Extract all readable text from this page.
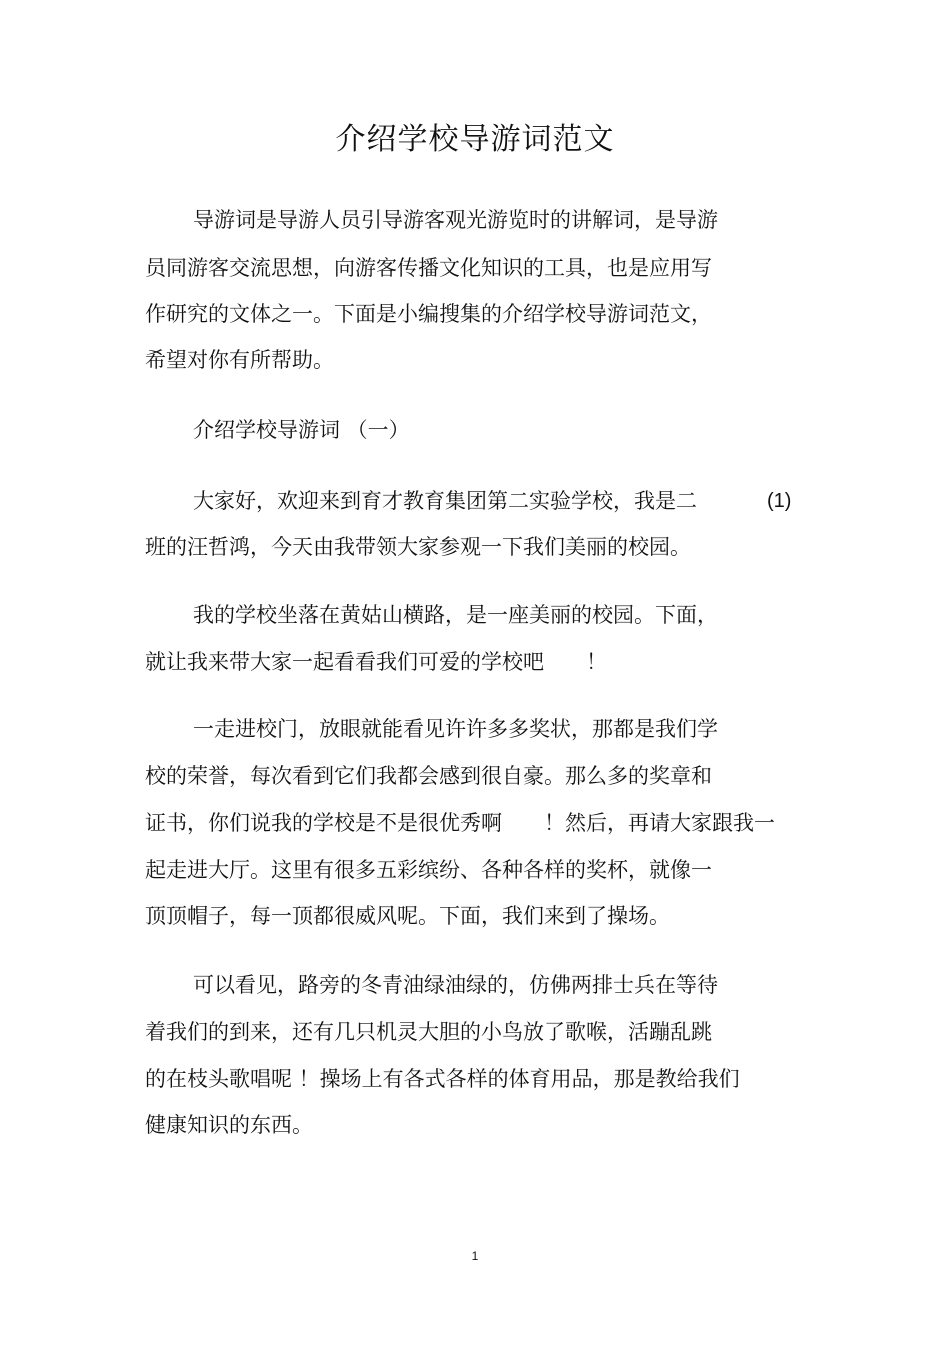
介绍学校导游词范文
导游词是导游人员引导游客观光游览时的讲解词，是导游
员同游客交流思想，向游客传播文化知识的工具，也是应用写
作研究的文体之一。下面是小编搜集的介绍学校导游词范文，
希望对你有所帮助。
介绍学校导游词 （一）
大家好，欢迎来到育才教育集团第二实验学校，我是二	(1)
班的汪哲鸿，今天由我带领大家参观一下我们美丽的校园。
我的学校坐落在黄姑山横路，是一座美丽的校园。下面，
就让我来带大家一起看看我们可爱的学校吧　　！
一走进校门，放眼就能看见许许多多奖状，那都是我们学
校的荣誉，每次看到它们我都会感到很自豪。那么多的奖章和
证书，你们说我的学校是不是很优秀啊　　！然后，再请大家跟我一
起走进大厅。这里有很多五彩缤纷、各种各样的奖杯，就像一
顶顶帽子，每一顶都很威风呢。下面，我们来到了操场。
可以看见，路旁的冬青油绿油绿的，仿佛两排士兵在等待
着我们的到来，还有几只机灵大胆的小鸟放了歌喉，活蹦乱跳
的在枝头歌唱呢 ！操场上有各式各样的体育用品，那是教给我们
健康知识的东西。
1
